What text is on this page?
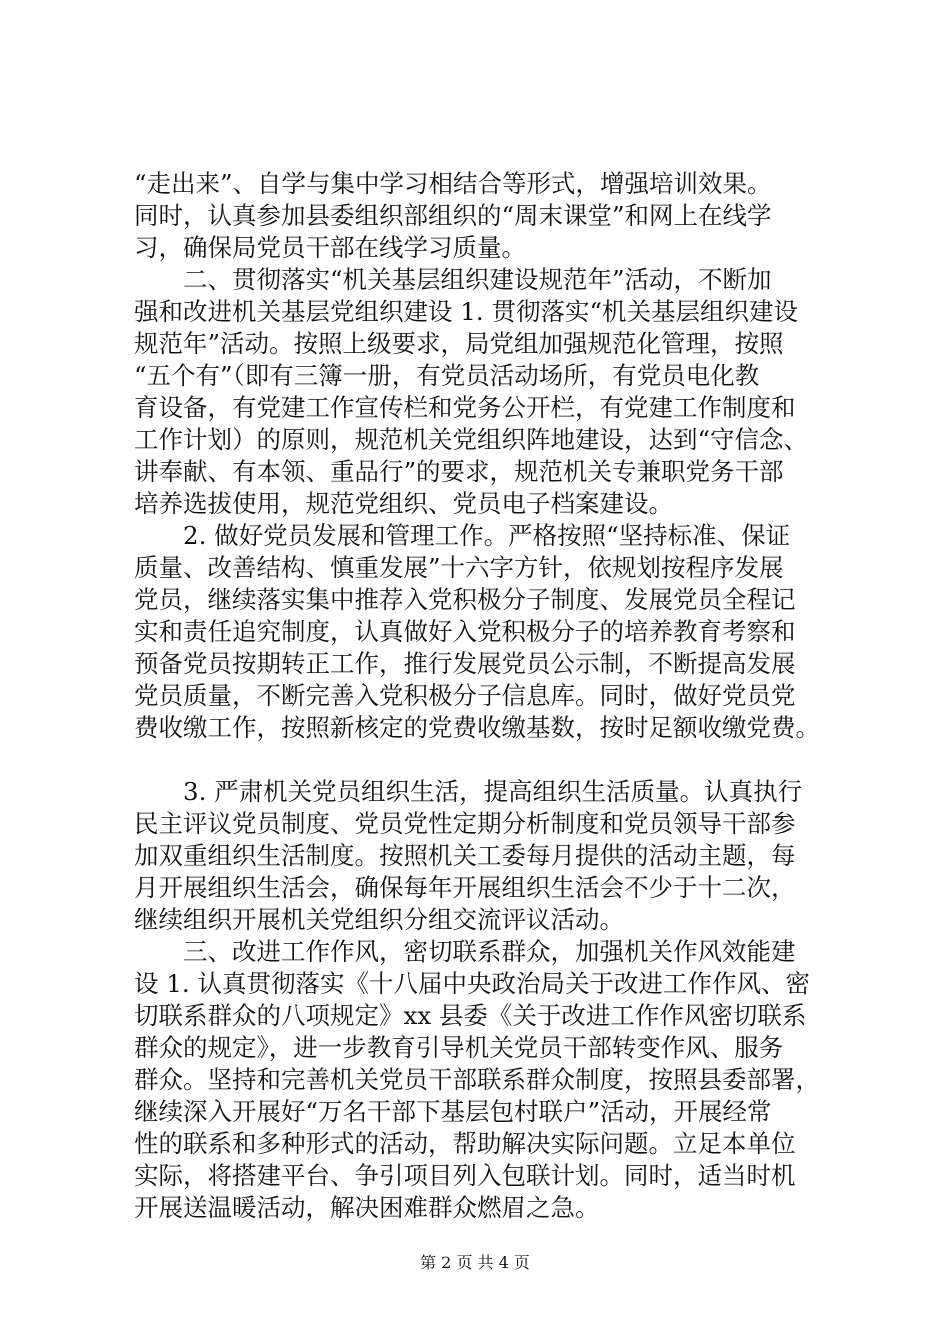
“走出来”、自学与集中学习相结合等形式，增强培训效果。
同时，认真参加县委组织部组织的“周末课堂”和网上在线学
习，确保局党员干部在线学习质量。
　　二、贯彻落实“机关基层组织建设规范年”活动，不断加
强和改进机关基层党组织建设 1. 贯彻落实“机关基层组织建设
规范年”活动。按照上级要求，局党组加强规范化管理，按照
“五个有”（即有三簿一册，有党员活动场所，有党员电化教
育设备，有党建工作宣传栏和党务公开栏，有党建工作制度和
工作计划）的原则，规范机关党组织阵地建设，达到“守信念、
讲奉献、有本领、重品行”的要求，规范机关专兼职党务干部
培养选拔使用，规范党组织、党员电子档案建设。
　　2. 做好党员发展和管理工作。严格按照“坚持标准、保证
质量、改善结构、慎重发展”十六字方针，依规划按程序发展
党员，继续落实集中推荐入党积极分子制度、发展党员全程记
实和责任追究制度，认真做好入党积极分子的培养教育考察和
预备党员按期转正工作，推行发展党员公示制，不断提高发展
党员质量，不断完善入党积极分子信息库。同时，做好党员党
费收缴工作，按照新核定的党费收缴基数，按时足额收缴党费。
　　3. 严肃机关党员组织生活，提高组织生活质量。认真执行
民主评议党员制度、党员党性定期分析制度和党员领导干部参
加双重组织生活制度。按照机关工委每月提供的活动主题，每
月开展组织生活会，确保每年开展组织生活会不少于十二次，
继续组织开展机关党组织分组交流评议活动。
　　三、改进工作作风，密切联系群众，加强机关作风效能建
设 1. 认真贯彻落实《十八届中央政治局关于改进工作作风、密
切联系群众的八项规定》xx 县委《关于改进工作作风密切联系
群众的规定》，进一步教育引导机关党员干部转变作风、服务
群众。坚持和完善机关党员干部联系群众制度，按照县委部署，
继续深入开展好“万名干部下基层包村联户”活动，开展经常
性的联系和多种形式的活动，帮助解决实际问题。立足本单位
实际，将搭建平台、争引项目列入包联计划。同时，适当时机
开展送温暖活动，解决困难群众燃眉之急。
第 2 页 共 4 页
